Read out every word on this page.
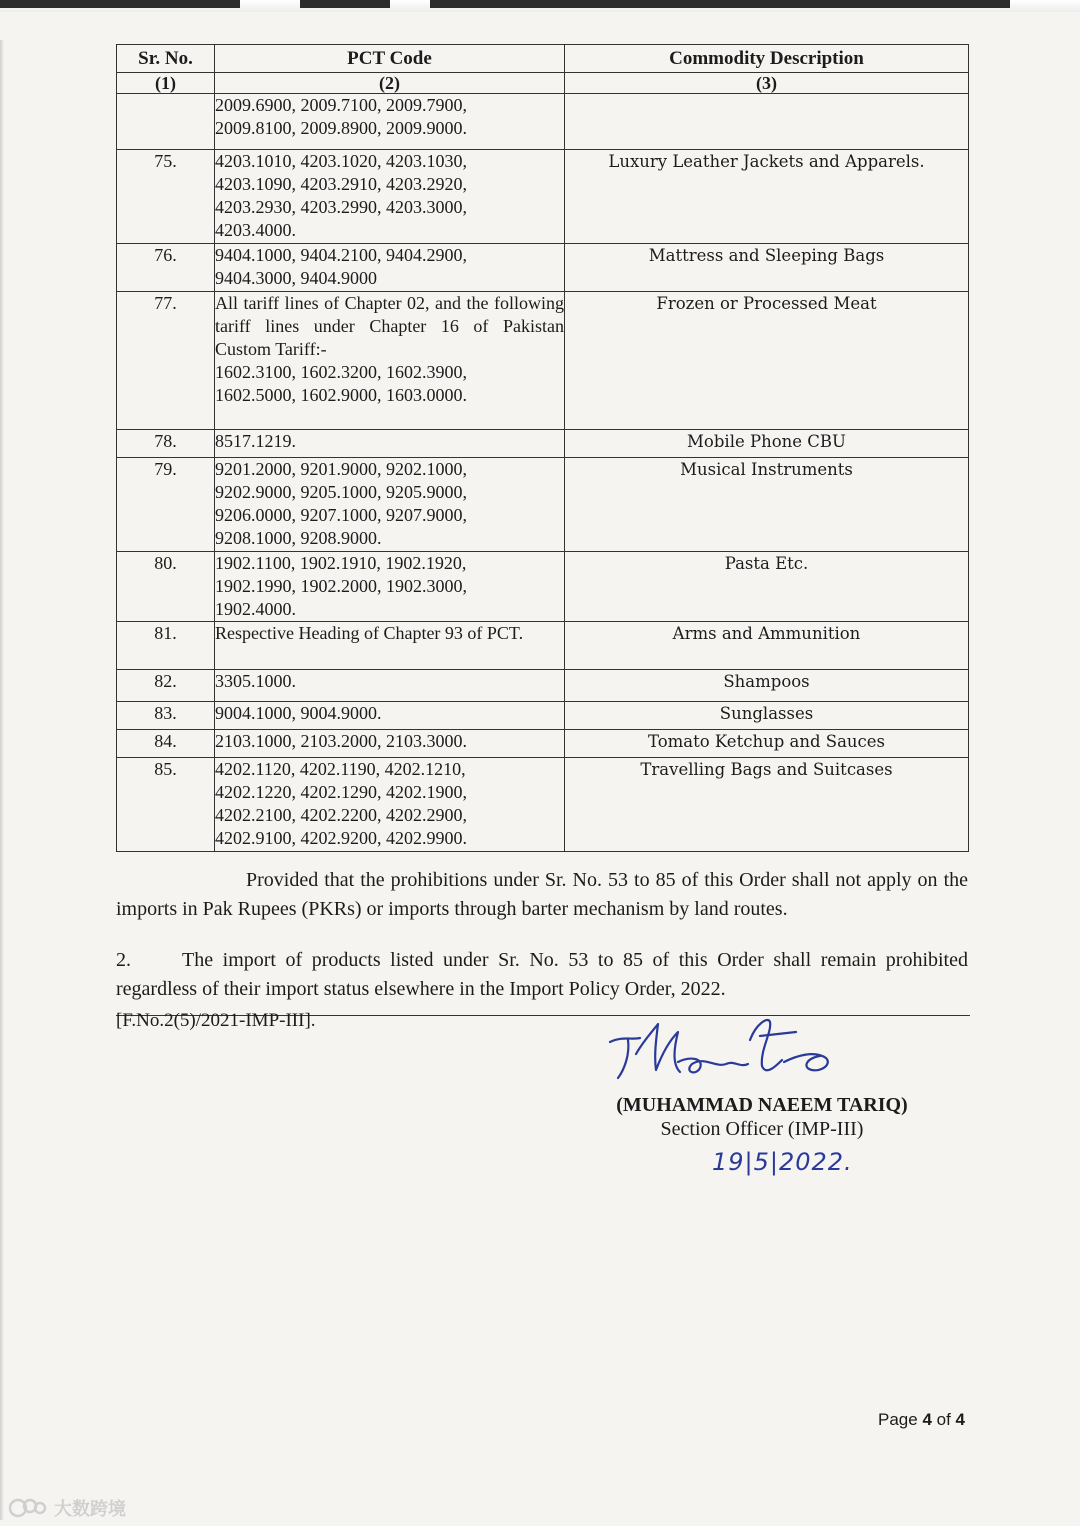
Sr. No.	PCT Code	Commodity Description
(1)	(2)	(3)
	2009.6900, 2009.7100, 2009.7900,
2009.8100, 2009.8900, 2009.9000.	
75.	4203.1010, 4203.1020, 4203.1030,
4203.1090, 4203.2910, 4203.2920,
4203.2930, 4203.2990, 4203.3000,
4203.4000.	Luxury Leather Jackets and Apparels.
76.	9404.1000, 9404.2100, 9404.2900,
9404.3000, 9404.9000	Mattress and Sleeping Bags
77.	All tariff lines of Chapter 02, and the following tariff lines under Chapter 16 of Pakistan Custom Tariff:-
1602.3100, 1602.3200, 1602.3900,
1602.5000, 1602.9000, 1603.0000.	Frozen or Processed Meat
78.	8517.1219.	Mobile Phone CBU
79.	9201.2000, 9201.9000, 9202.1000,
9202.9000, 9205.1000, 9205.9000,
9206.0000, 9207.1000, 9207.9000,
9208.1000, 9208.9000.	Musical Instruments
80.	1902.1100, 1902.1910, 1902.1920,
1902.1990, 1902.2000, 1902.3000,
1902.4000.	Pasta Etc.
81.	Respective Heading of Chapter 93 of PCT.	Arms and Ammunition
82.	3305.1000.	Shampoos
83.	9004.1000, 9004.9000.	Sunglasses
84.	2103.1000, 2103.2000, 2103.3000.	Tomato Ketchup and Sauces
85.	4202.1120, 4202.1190, 4202.1210,
4202.1220, 4202.1290, 4202.1900,
4202.2100, 4202.2200, 4202.2900,
4202.9100, 4202.9200, 4202.9900.	Travelling Bags and Suitcases

Provided that the prohibitions under Sr. No. 53 to 85 of this Order shall not apply on the imports in Pak Rupees (PKRs) or imports through barter mechanism by land routes.

2.	The import of products listed under Sr. No. 53 to 85 of this Order shall remain prohibited regardless of their import status elsewhere in the Import Policy Order, 2022.

[F.No.2(5)/2021-IMP-III].
(MUHAMMAD NAEEM TARIQ)
Section Officer (IMP-III)
19|5|2022.
Page 4 of 4
大数跨境
